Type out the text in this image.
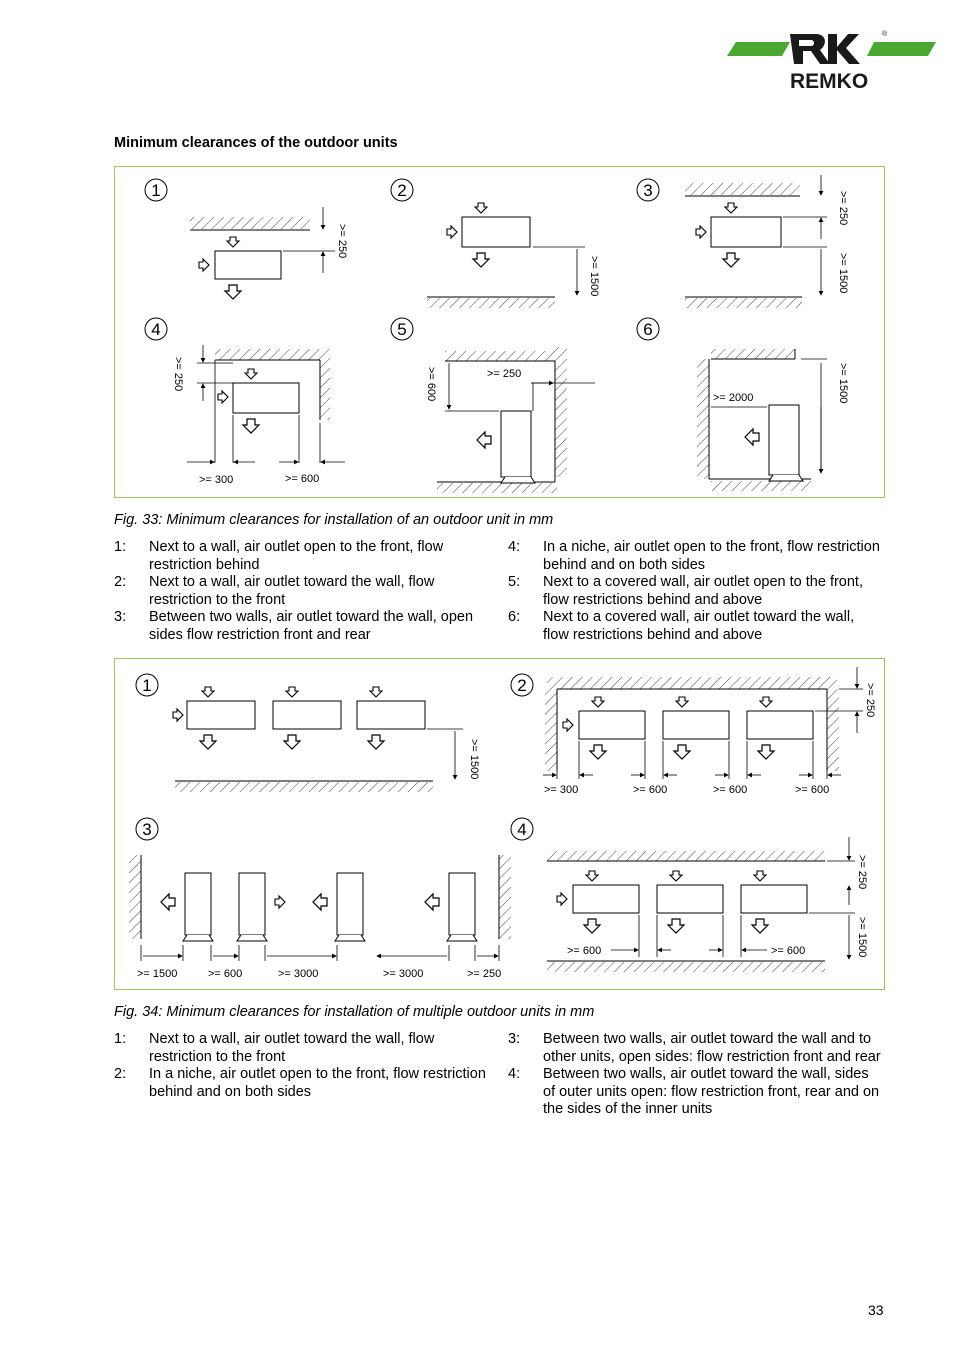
REMKO
®
Minimum clearances of the outdoor units
1	2	3
4	5	6
>= 250
>= 1500
>= 250
>= 1500
>= 300	>= 600
>= 250	>= 600	>= 250
>= 2000	>= 1500
Fig. 33: Minimum clearances for installation of an outdoor unit in mm
1: Next to a wall, air outlet open to the front, flow restriction behind
2: Next to a wall, air outlet toward the wall, flow restriction to the front
3: Between two walls, air outlet toward the wall, open sides flow restriction front and rear
4: In a niche, air outlet open to the front, flow restriction behind and on both sides
5: Next to a covered wall, air outlet open to the front, flow restrictions behind and above
6: Next to a covered wall, air outlet toward the wall, flow restrictions behind and above
1	2
3	4
>= 1500
>= 300	>= 600	>= 600	>= 600
>= 250
>= 1500	>= 600	>= 3000	>= 3000	>= 250
>= 600	>= 600
>= 250
>= 1500
Fig. 34: Minimum clearances for installation of multiple outdoor units in mm
1: Next to a wall, air outlet toward the wall, flow restriction to the front
2: In a niche, air outlet open to the front, flow restriction behind and on both sides
3: Between two walls, air outlet toward the wall and to other units, open sides: flow restriction front and rear
4: Between two walls, air outlet toward the wall, sides of outer units open: flow restriction front, rear and on the sides of the inner units
33
